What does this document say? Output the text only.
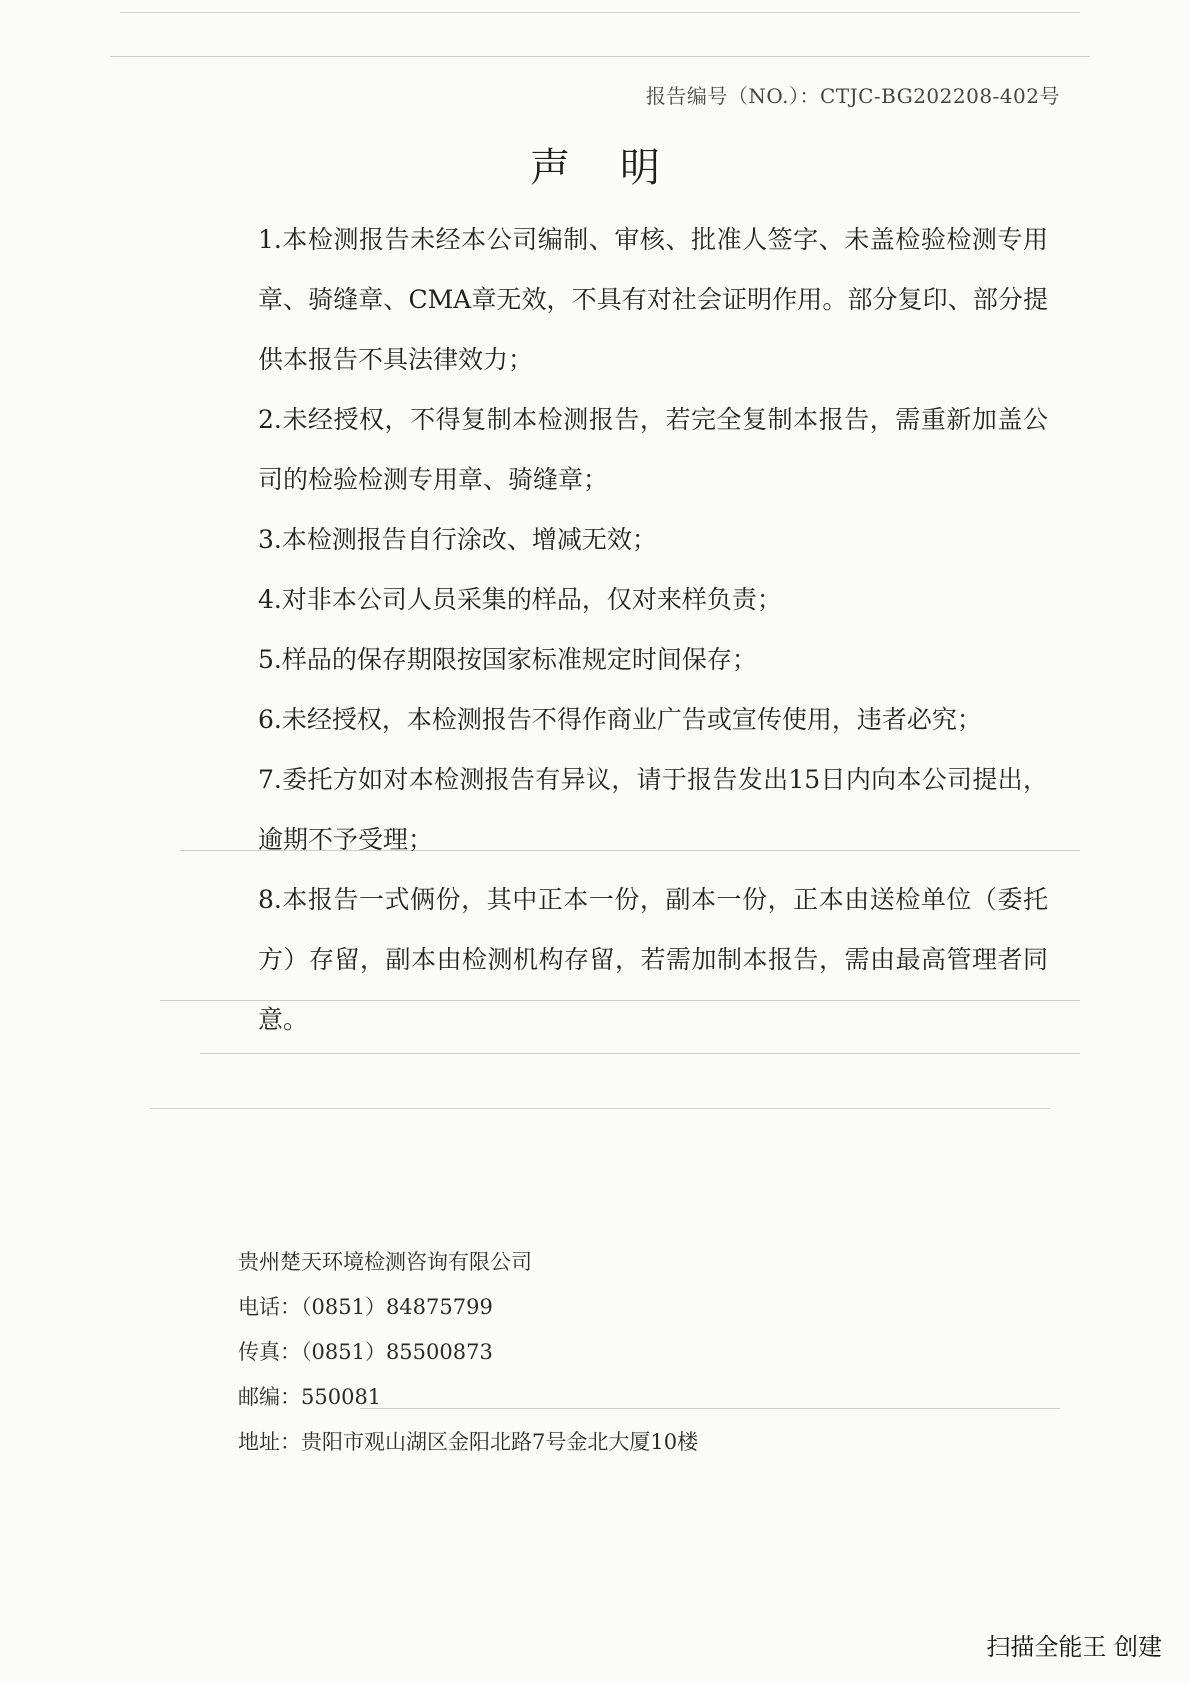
报告编号（NO.）：CTJC-BG202208-402号
声明

1.本检测报告未经本公司编制、审核、批准人签字、未盖检验检测专用章、骑缝章、CMA章无效，不具有对社会证明作用。部分复印、部分提供本报告不具法律效力；

2.未经授权，不得复制本检测报告，若完全复制本报告，需重新加盖公司的检验检测专用章、骑缝章；

3.本检测报告自行涂改、增减无效；

4.对非本公司人员采集的样品，仅对来样负责；

5.样品的保存期限按国家标准规定时间保存；

6.未经授权，本检测报告不得作商业广告或宣传使用，违者必究；

7.委托方如对本检测报告有异议，请于报告发出15日内向本公司提出，逾期不予受理；

8.本报告一式俩份，其中正本一份，副本一份，正本由送检单位（委托方）存留，副本由检测机构存留，若需加制本报告，需由最高管理者同意。

贵州楚天环境检测咨询有限公司
电话：（0851）84875799
传真：（0851）85500873
邮编：550081
地址：贵阳市观山湖区金阳北路7号金北大厦10楼
扫描全能王 创建
